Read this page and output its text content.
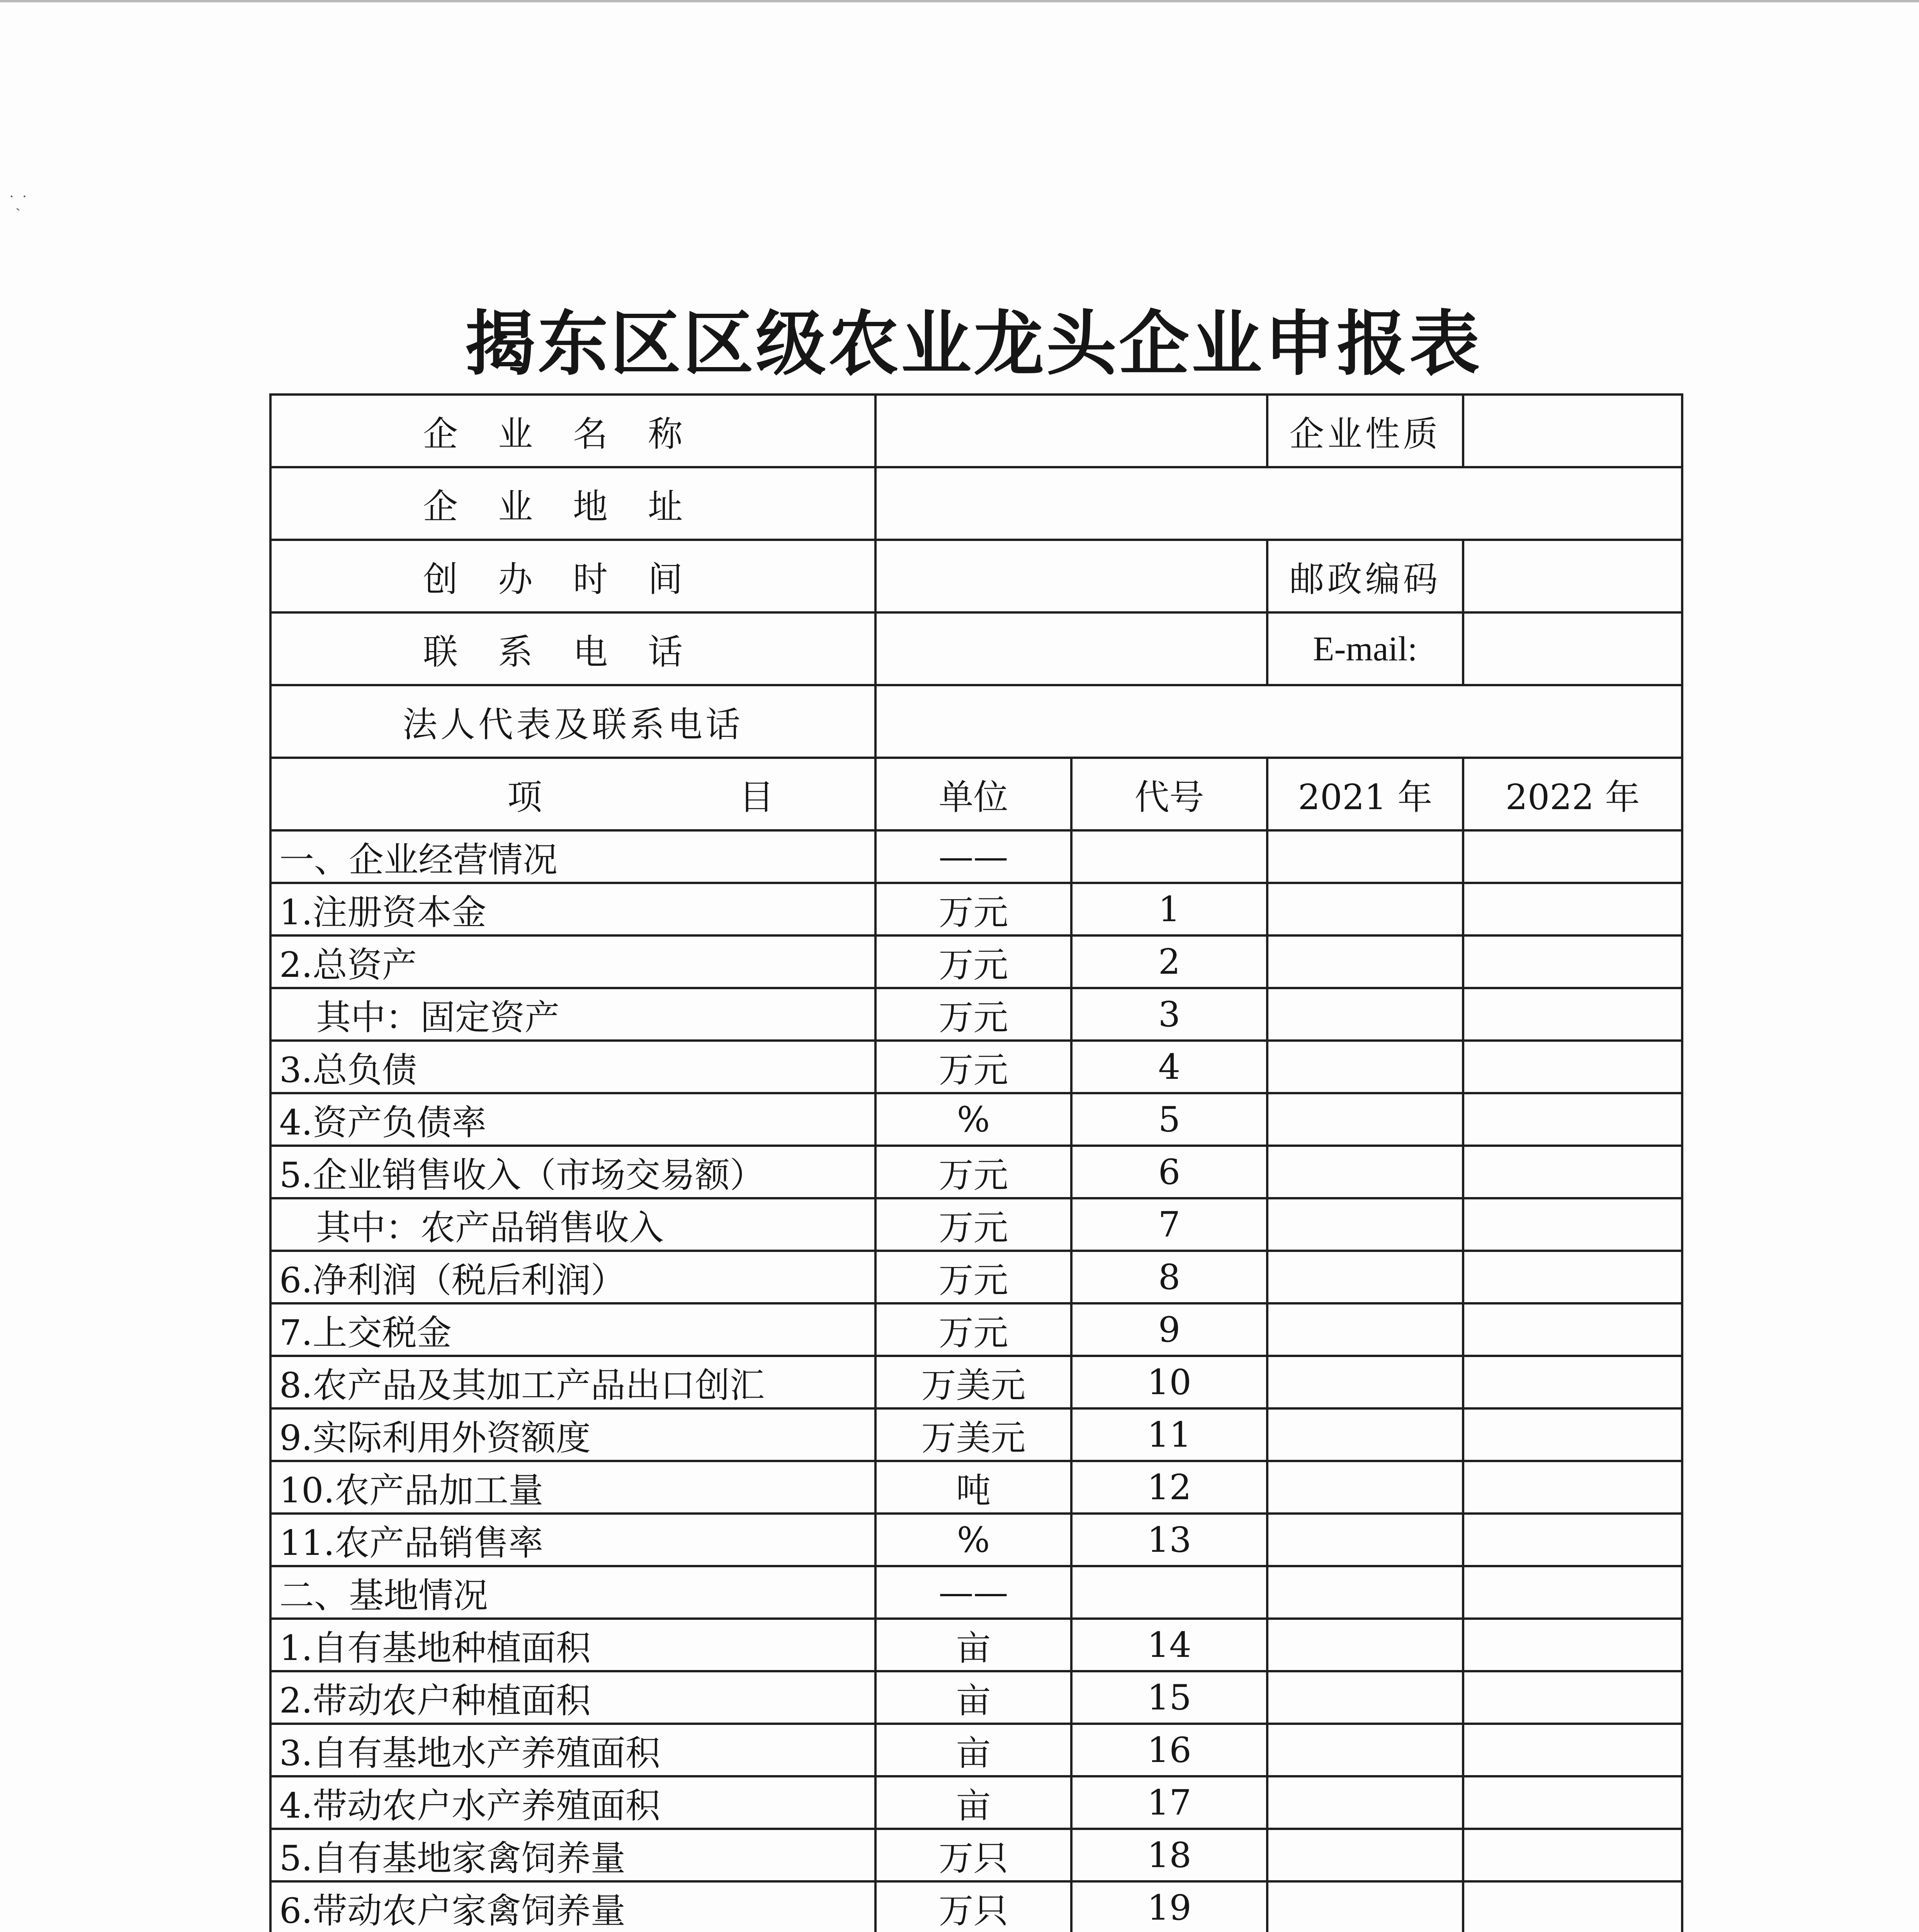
˙ˎ˙
揭东区区级农业龙头企业申报表
企业名称			企业性质	
企业地址				
创办时间			邮政编码	
联系电话			E-mail:	
法人代表及联系电话				
项 目	单位	代号	2021 年	2022 年
一、企业经营情况	——			
1.注册资本金	万元	1		
2.总资产	万元	2		
其中：固定资产	万元	3		
3.总负债	万元	4		
4.资产负债率	%	5		
5.企业销售收入（市场交易额）	万元	6		
其中：农产品销售收入	万元	7		
6.净利润（税后利润）	万元	8		
7.上交税金	万元	9		
8.农产品及其加工产品出口创汇	万美元	10		
9.实际利用外资额度	万美元	11		
10.农产品加工量	吨	12		
11.农产品销售率	%	13		
二、基地情况	——			
1.自有基地种植面积	亩	14		
2.带动农户种植面积	亩	15		
3.自有基地水产养殖面积	亩	16		
4.带动农户水产养殖面积	亩	17		
5.自有基地家禽饲养量	万只	18		
6.带动农户家禽饲养量	万只	19		
